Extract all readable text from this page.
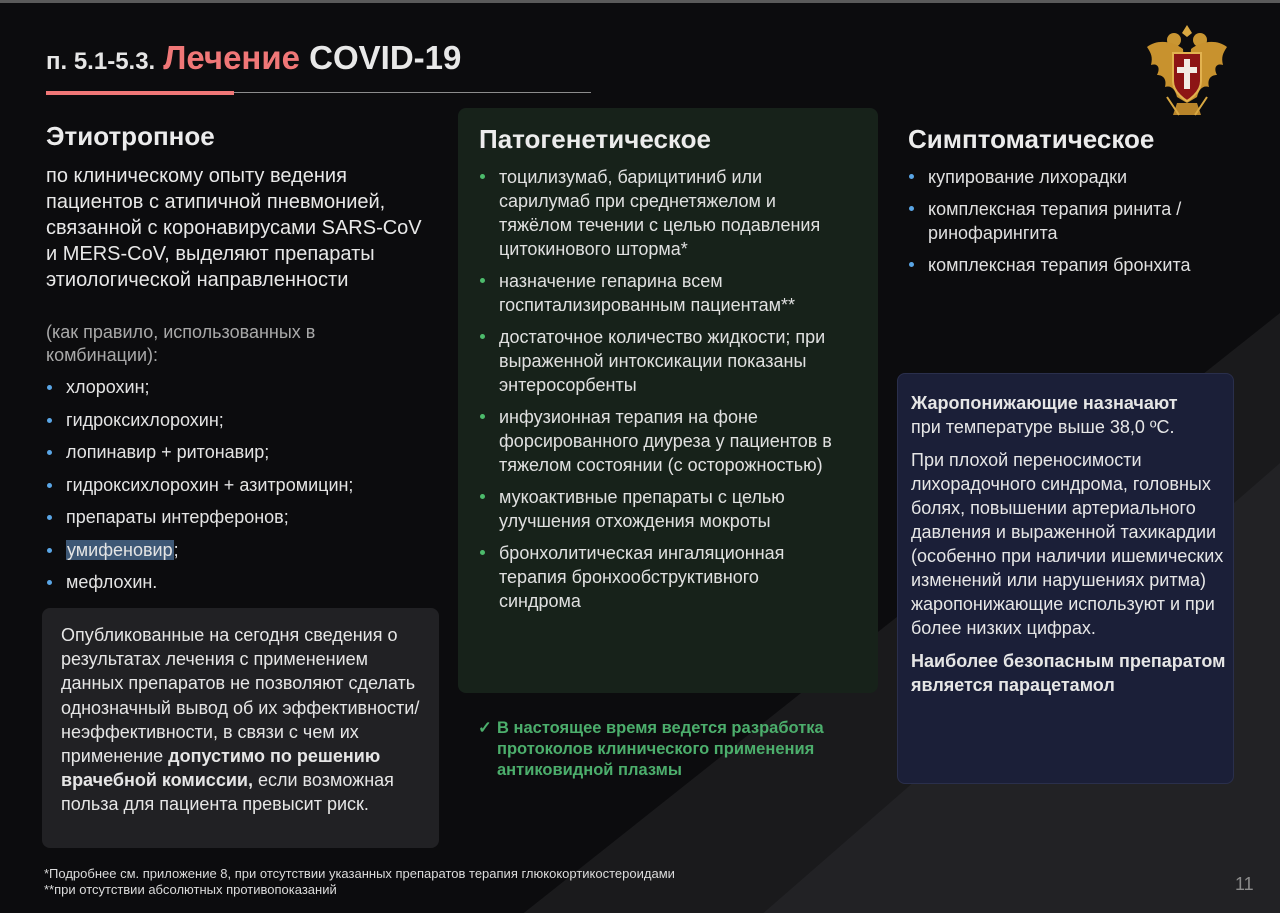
п. 5.1-5.3. Лечение COVID-19
Этиотропное
по клиническому опыту ведения пациентов с атипичной пневмонией, связанной с коронавирусами SARS-CoV и MERS-CoV, выделяют препараты этиологической направленности
(как правило, использованных в комбинации):
хлорохин;
гидроксихлорохин;
лопинавир + ритонавир;
гидроксихлорохин + азитромицин;
препараты интерферонов;
умифеновир;
мефлохин.
Опубликованные на сегодня сведения о результатах лечения с применением данных препаратов не позволяют сделать однозначный вывод об их эффективности/неэффективности, в связи с чем их применение допустимо по решению врачебной комиссии, если возможная польза для пациента превысит риск.
Патогенетическое
тоцилизумаб, барицитиниб или сарилумаб при среднетяжелом и тяжёлом течении с целью подавления цитокинового шторма*
назначение гепарина всем госпитализированным пациентам**
достаточное количество жидкости; при выраженной интоксикации показаны энтеросорбенты
инфузионная терапия на фоне форсированного диуреза у пациентов в тяжелом состоянии (с осторожностью)
мукоактивные препараты с целью улучшения отхождения мокроты
бронхолитическая ингаляционная терапия бронхообструктивного синдрома
✓ В настоящее время ведется разработка протоколов клинического применения антиковидной плазмы
Симптоматическое
купирование лихорадки
комплексная терапия ринита / ринофарингита
комплексная терапия бронхита

Жаропонижающие назначают
при температуре выше 38,0 ºC.

При плохой переносимости лихорадочного синдрома, головных болях, повышении артериального давления и выраженной тахикардии (особенно при наличии ишемических изменений или нарушениях ритма) жаропонижающие используют и при более низких цифрах.

Наиболее безопасным препаратом является парацетамол

*Подробнее см. приложение 8, при отсутствии указанных препаратов терапия глюкокортикостероидами
**при отсутствии абсолютных противопоказаний	11
